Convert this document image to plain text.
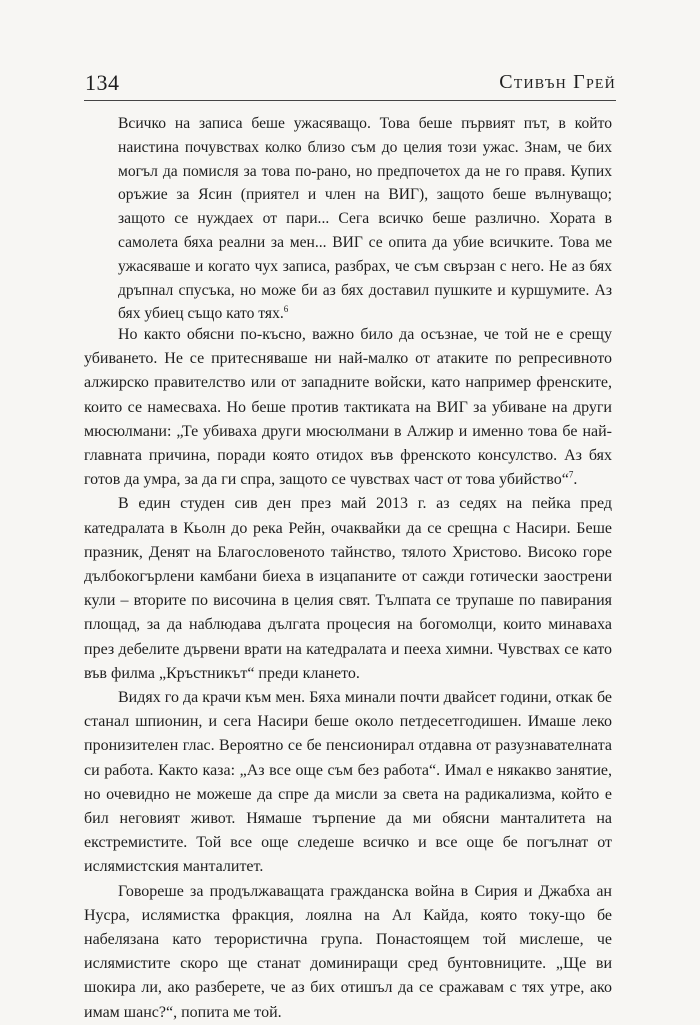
134	Стивън Грей

Всичко на записа беше ужасяващо. Това беше първият път, в който наистина почувствах колко близо съм до целия този ужас. Знам, че бих могъл да помисля за това по-рано, но предпочетох да не го правя. Купих оръжие за Ясин (приятел и член на ВИГ), защото беше вълнуващо; защото се нуждаех от пари... Сега всичко беше различно. Хората в самолета бяха реални за мен... ВИГ се опита да убие всичките. Това ме ужасяваше и когато чух записа, разбрах, че съм свързан с него. Не аз бях дръпнал спусъка, но може би аз бях доставил пушките и куршумите. Аз бях убиец също като тях.$^6$

Но както обясни по-късно, важно било да осъзнае, че той не е срещу убиването. Не се притесняваше ни най-малко от атаките по репресивното алжирско правителство или от западните войски, като например френските, които се намесваха. Но беше против тактиката на ВИГ за убиване на други мюсюлмани: „Те убиваха други мюсюлмани в Алжир и именно това бе най-главната причина, поради която отидох във френското консулство. Аз бях готов да умра, за да ги спра, защото се чувствах част от това убийство“$^7$.

В един студен сив ден през май 2013 г. аз седях на пейка пред катедралата в Кьолн до река Рейн, очаквайки да се срещна с Насири. Беше празник, Денят на Благословеното тайнство, тялото Христово. Високо горе дълбокогърлени камбани биеха в изцапаните от сажди готически заострени кули – вторите по височина в целия свят. Тълпата се трупаше по павирания площад, за да наблюдава дългата процесия на богомолци, които минаваха през дебелите дървени врати на катедралата и пееха химни. Чувствах се като във филма „Кръстникът“ преди клането.

Видях го да крачи към мен. Бяха минали почти двайсет години, откак бе станал шпионин, и сега Насири беше около петдесетгодишен. Имаше леко пронизителен глас. Вероятно се бе пенсионирал отдавна от разузнавателната си работа. Както каза: „Аз все още съм без работа“. Имал е някакво занятие, но очевидно не можеше да спре да мисли за света на радикализма, който е бил неговият живот. Нямаше търпение да ми обясни манталитета на екстремистите. Той все още следеше всичко и все още бе погълнат от ислямистския манталитет.

Говореше за продължаващата гражданска война в Сирия и Джабха ан Нусра, ислямистка фракция, лоялна на Ал Кайда, която току-що бе набелязана като терористична група. Понастоящем той мислеше, че ислямистите скоро ще станат доминиращи сред бунтовниците. „Ще ви шокира ли, ако разберете, че аз бих отишъл да се сражавам с тях утре, ако имам шанс?“, попита ме той.
